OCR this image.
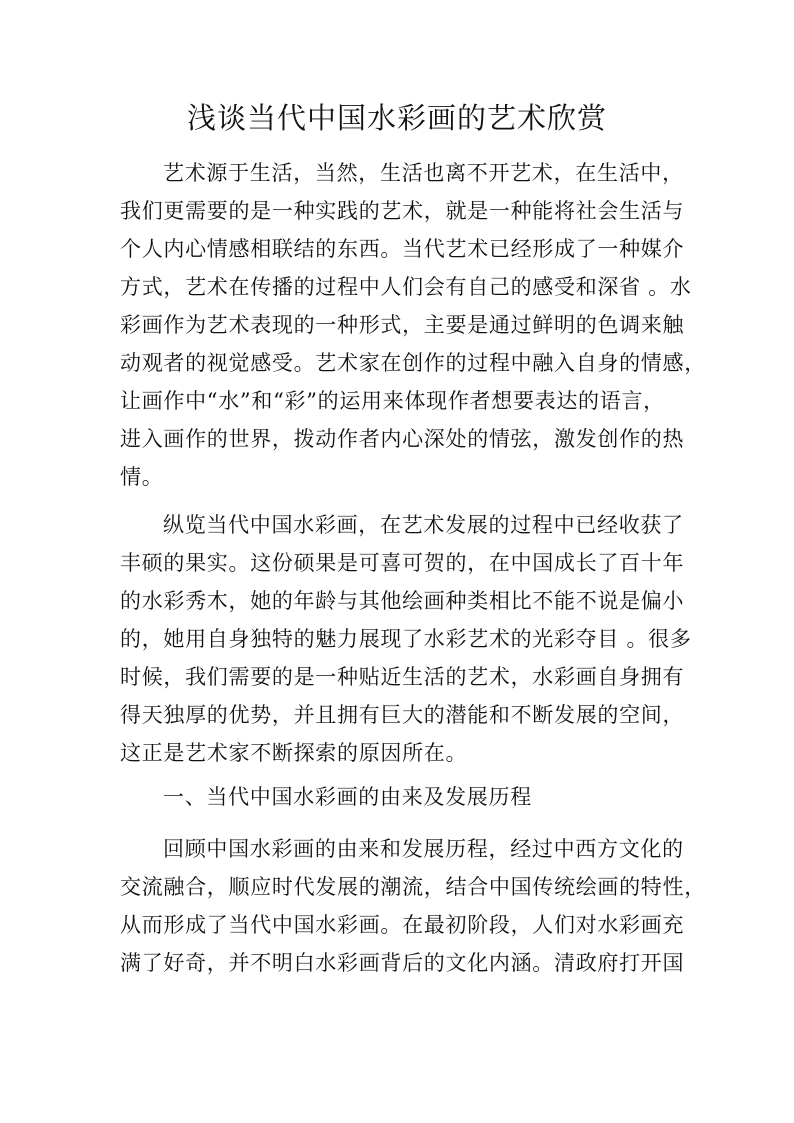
浅谈当代中国水彩画的艺术欣赏
艺术源于生活，当然，生活也离不开艺术，在生活中，
我们更需要的是一种实践的艺术，就是一种能将社会生活与
个人内心情感相联结的东西。当代艺术已经形成了一种媒介
方式，艺术在传播的过程中人们会有自己的感受和深省 。水
彩画作为艺术表现的一种形式，主要是通过鲜明的色调来触
动观者的视觉感受。艺术家在创作的过程中融入自身的情感，
让画作中“水”和“彩”的运用来体现作者想要表达的语言，
进入画作的世界，拨动作者内心深处的情弦，激发创作的热
情。
纵览当代中国水彩画，在艺术发展的过程中已经收获了
丰硕的果实。这份硕果是可喜可贺的，在中国成长了百十年
的水彩秀木，她的年龄与其他绘画种类相比不能不说是偏小
的，她用自身独特的魅力展现了水彩艺术的光彩夺目 。很多
时候，我们需要的是一种贴近生活的艺术，水彩画自身拥有
得天独厚的优势，并且拥有巨大的潜能和不断发展的空间，
这正是艺术家不断探索的原因所在。
一、当代中国水彩画的由来及发展历程
回顾中国水彩画的由来和发展历程，经过中西方文化的
交流融合，顺应时代发展的潮流，结合中国传统绘画的特性，
从而形成了当代中国水彩画。在最初阶段，人们对水彩画充
满了好奇，并不明白水彩画背后的文化内涵。清政府打开国
